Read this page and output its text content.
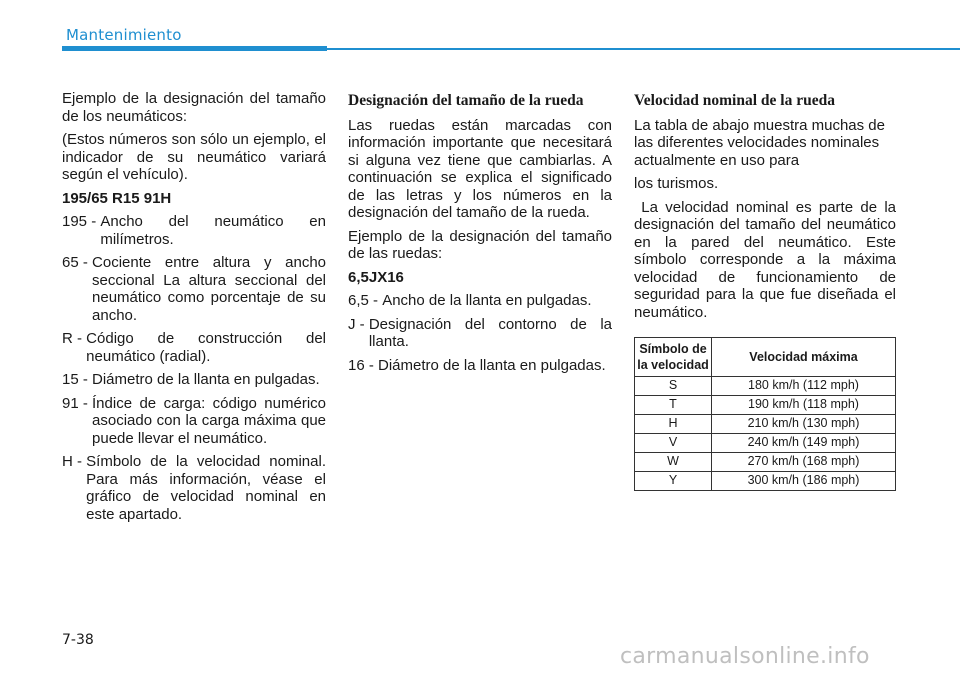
Mantenimiento

Ejemplo de la designación del tamaño de los neumáticos:

(Estos números son sólo un ejemplo, el indicador de su neumático variará según el vehículo).

195/65 R15 91H

195 - Ancho del neumático en milímetros.
65 - Cociente entre altura y ancho seccional La altura seccional del neumático como porcentaje de su ancho.
R - Código de construcción del neumático (radial).
15 - Diámetro de la llanta en pulgadas.
91 - Índice de carga: código numérico asociado con la carga máxima que puede llevar el neumático.
H - Símbolo de la velocidad nominal. Para más información, véase el gráfico de velocidad nominal en este apartado.
Designación del tamaño de la rueda

Las ruedas están marcadas con información importante que necesitará si alguna vez tiene que cambiarlas. A continuación se explica el significado de las letras y los números en la designación del tamaño de la rueda.

Ejemplo de la designación del tamaño de las ruedas:

6,5JX16

6,5 - Ancho de la llanta en pulgadas.
J - Designación del contorno de la llanta.
16 - Diámetro de la llanta en pulgadas.
Velocidad nominal de la rueda

La tabla de abajo muestra muchas de las diferentes velocidades nominales actualmente en uso para

los turismos.

La velocidad nominal es parte de la designación del tamaño del neumático en la pared del neumático. Este símbolo corresponde a la máxima velocidad de funcionamiento de seguridad para la que fue diseñada el neumático.

Símbolo de la velocidad	Velocidad máxima
S	180 km/h (112 mph)
T	190 km/h (118 mph)
H	210 km/h (130 mph)
V	240 km/h (149 mph)
W	270 km/h (168 mph)
Y	300 km/h (186 mph)
7-38
carmanualsonline.info
